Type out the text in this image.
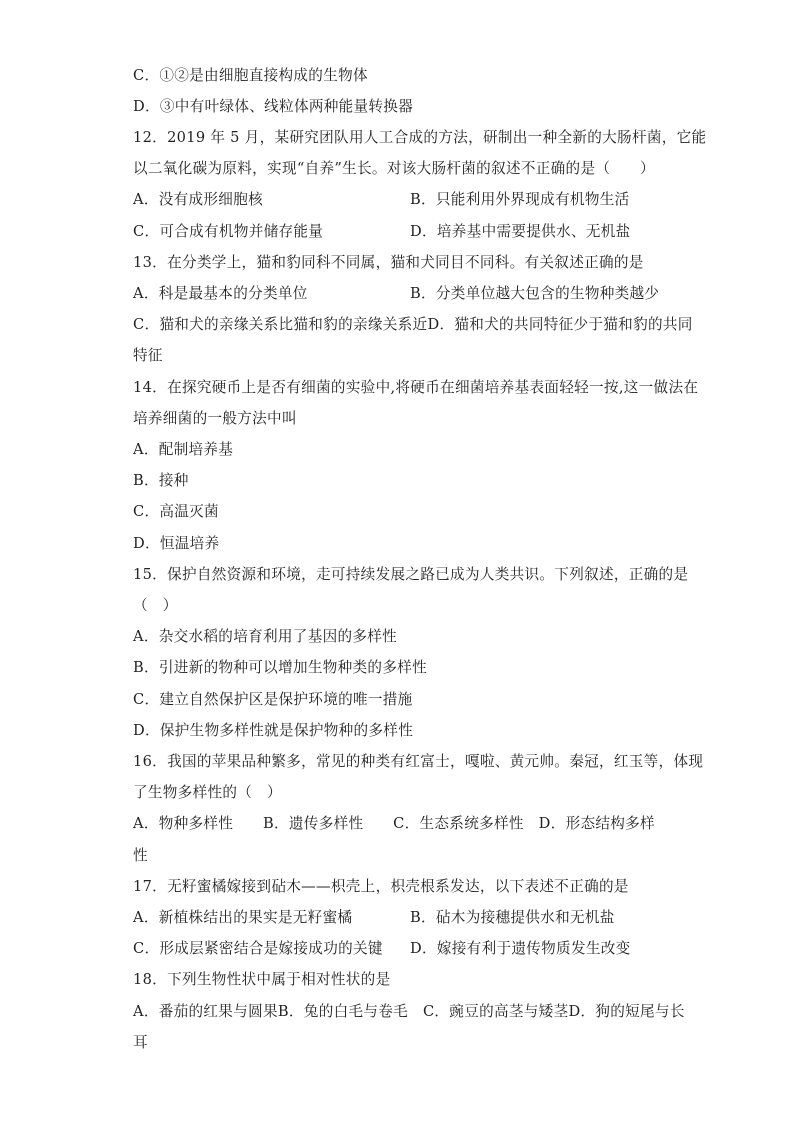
C．①②是由细胞直接构成的生物体
D．③中有叶绿体、线粒体两种能量转换器
12．2019 年 5 月，某研究团队用人工合成的方法，研制出一种全新的大肠杆菌，它能
以二氧化碳为原料，实现“自养”生长。对该大肠杆菌的叙述不正确的是（　　）
A．没有成形细胞核	B．只能利用外界现成有机物生活
C．可合成有机物并储存能量	D．培养基中需要提供水、无机盐
13．在分类学上，猫和豹同科不同属，猫和犬同目不同科。有关叙述正确的是
A．科是最基本的分类单位	B．分类单位越大包含的生物种类越少
C．猫和犬的亲缘关系比猫和豹的亲缘关系近D．猫和犬的共同特征少于猫和豹的共同
特征
14．在探究硬币上是否有细菌的实验中,将硬币在细菌培养基表面轻轻一按,这一做法在
培养细菌的一般方法中叫
A．配制培养基
B．接种
C．高温灭菌
D．恒温培养
15．保护自然资源和环境，走可持续发展之路已成为人类共识。下列叙述，正确的是
（　）
A．杂交水稻的培育利用了基因的多样性
B．引进新的物种可以增加生物种类的多样性
C．建立自然保护区是保护环境的唯一措施
D．保护生物多样性就是保护物种的多样性
16．我国的苹果品种繁多，常见的种类有红富士，嘎啦、黄元帅。秦冠，红玉等，体现
了生物多样性的（　）
A．物种多样性　　B．遗传多样性　　C．生态系统多样性　D．形态结构多样
性
17．无籽蜜橘嫁接到砧木——枳壳上，枳壳根系发达，以下表述不正确的是
A．新植株结出的果实是无籽蜜橘	B．砧木为接穗提供水和无机盐
C．形成层紧密结合是嫁接成功的关键 D．嫁接有利于遗传物质发生改变
18．下列生物性状中属于相对性状的是
A．番茄的红果与圆果B．兔的白毛与卷毛　C．豌豆的高茎与矮茎D．狗的短尾与长
耳
